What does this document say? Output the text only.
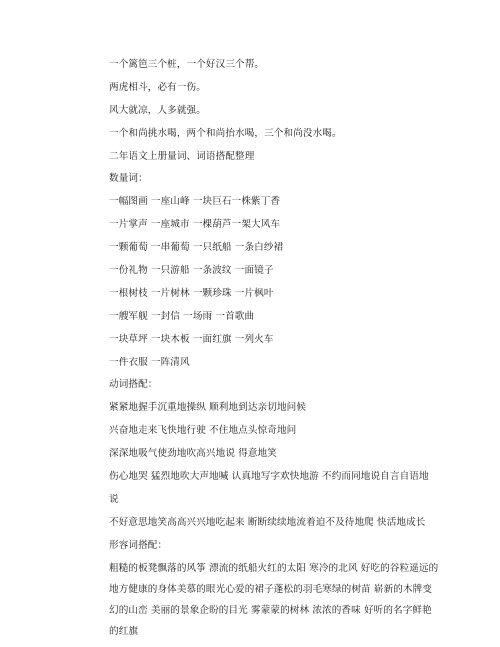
一个篱笆三个桩，一个好汉三个帮。
两虎相斗，必有一伤。
风大就凉，人多就强。
一个和尚挑水喝，两个和尚抬水喝，三个和尚没水喝。
二年语文上册量词、词语搭配整理
数量词：
一幅图画 一座山峰 一块巨石一株紫丁香
一片掌声 一座城市 一棵葫芦一架大风车
一颗葡萄 一串葡萄 一只纸船 一条白纱裙
一份礼物 一只游船 一条波纹 一面镜子
一根树枝 一片树林 一颗珍珠 一片枫叶
一艘军舰 一封信 一场雨 一首歌曲
一块草坪 一块木板 一面红旗 一列火车
一件衣服 一阵清风
动词搭配：
紧紧地握手沉重地操纵 顺利地到达亲切地问候
兴奋地走来飞快地行驶 不住地点头惊奇地问
深深地吸气使劲地吹高兴地说 得意地笑
伤心地哭 猛烈地吹大声地喊 认真地写字欢快地游 不约而同地说自言自语地
说
不好意思地笑高高兴兴地吃起来 断断续续地流着迫不及待地爬 快活地成长
形容词搭配：
粗糙的板凳飘落的风筝 漂流的纸船火红的太阳 寒冷的北风 好吃的谷粒遥远的地方健康的身体美慕的眼光心爱的裙子蓬松的羽毛寒绿的树苗 崭新的木牌变幻的山峦 美丽的景象企盼的目光 雾蒙蒙的树林 浓浓的香味 好听的名字鲜艳的红旗
